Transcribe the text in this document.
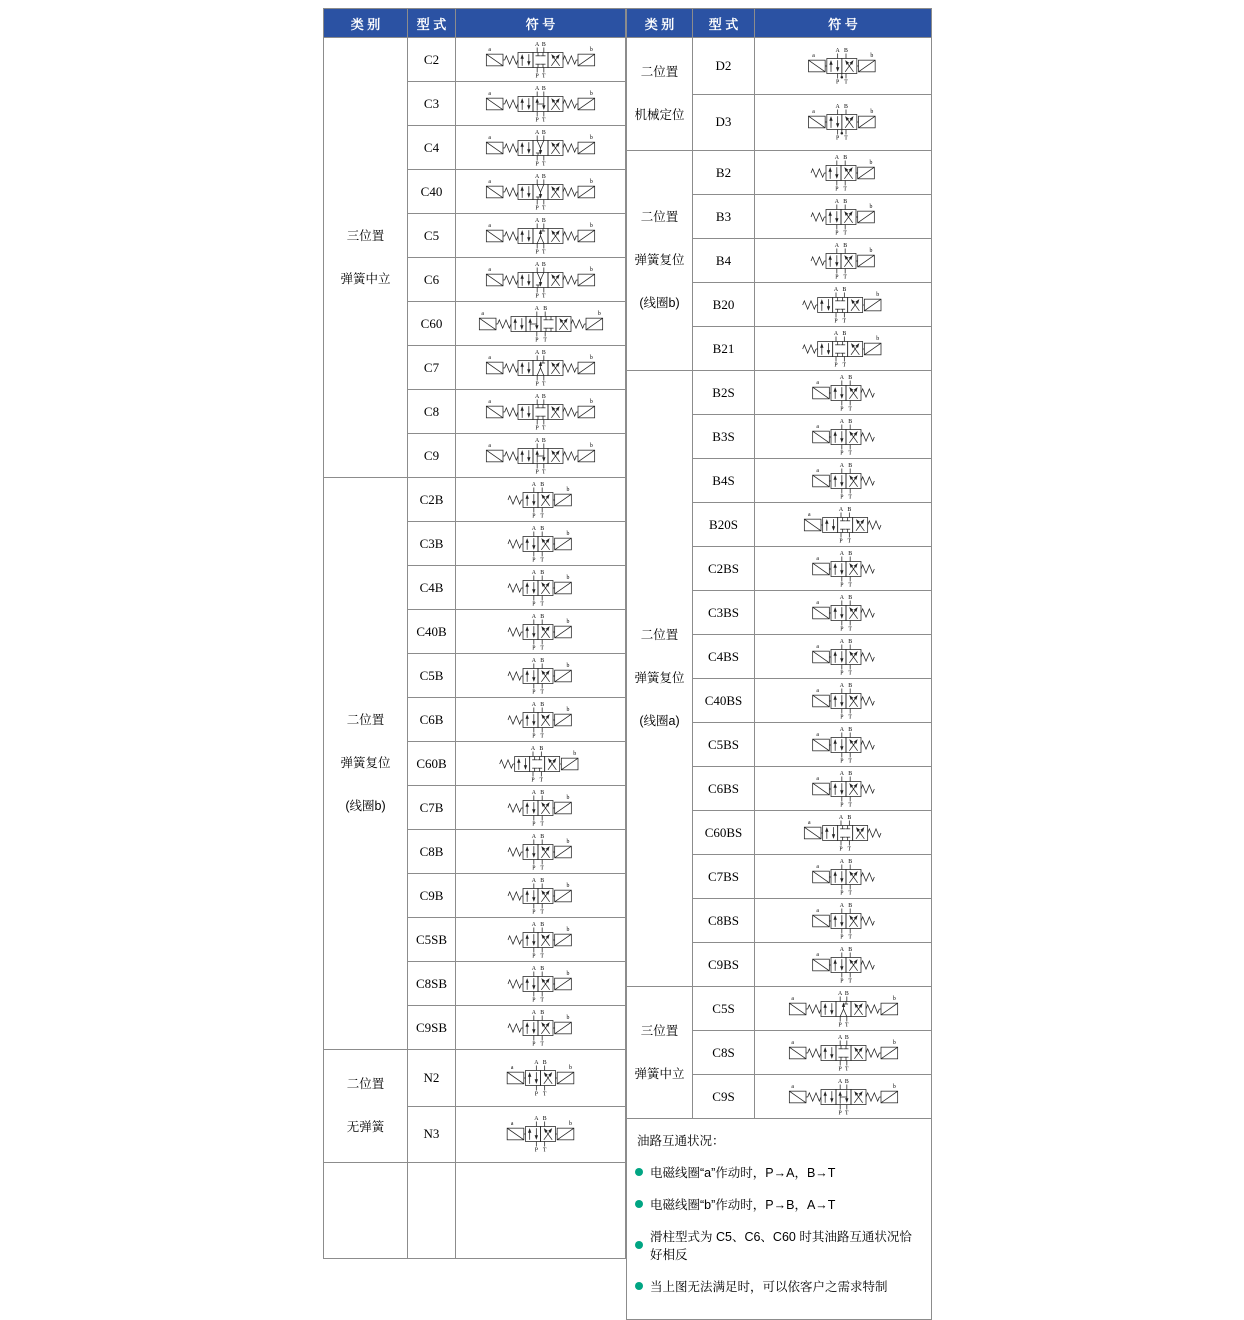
类 别	型 式	符 号

三位置
弹簧中立
	C2	
a	b
A B
P T

C3	
a	b
A B
P T

C4	
a	b
A B
P T

C40	
a	b
A B
P T

C5	
a	b
A B
P T

C6	
a	b
A B
P T

C60	
a	b
A B
P T

C7	
a	b
A B
P T

C8	
a	b
A B
P T

C9	
a	b
A B
P T

二位置
弹簧复位
(线圈b)
	C2B	
b
A B
P T

	C3B	b
A B
P T

	C4B	b
A B
P T

	C40B	b
A B
P T

	C5B	b
A B
P T

	C6B	b
A B
P T

	C60B	b
A B
P T

	C7B	b
A B
P T

	C8B	b
A B
P T

	C9B	b
A B
P T

	C5SB	b
A B
P T

	C8SB	b
A B
P T

	C9SB	b
A B
P T

二位置
无弹簧
	N2	
a	b
A B
P T

N3	
a	b
A B
P T

类 别	型 式	符 号

二位置
机械定位
	D2	
a	b
A B
P T

D3	
a	b
A B
P T

二位置
弹簧复位
(线圈b)
	B2	
b
A B
P T

	B3	b
A B
P T

	B4	b
A B
P T

	B20	b
A B
P T

	B21	b
A B
P T

二位置
弹簧复位
(线圈a)
	B2S	
a
A B
P T

	B3S	a
A B
P T

	B4S	a
A B
P T

	B20S	a
A B
P T

	C2BS	a
A B
P T

	C3BS	a
A B
P T

	C4BS	a
A B
P T

	C40BS	a
A B
P T

	C5BS	a
A B
P T

	C6BS	a
A B
P T

	C60BS	a
A B
P T

	C7BS	a
A B
P T

	C8BS	a
A B
P T

	C9BS	a
A B
P T

三位置
弹簧中立
	C5S	
a	b
A B
P T

C8S	
a	b
A B
P T

C9S	
a	b
A B
P T

油路互通状况：
电磁线圈“a”作动时，P→A，B→T
电磁线圈“b”作动时，P→B，A→T
滑柱型式为 C5、C6、C60 时其油路互通状况恰好相反
当上图无法满足时，可以依客户之需求特制		
